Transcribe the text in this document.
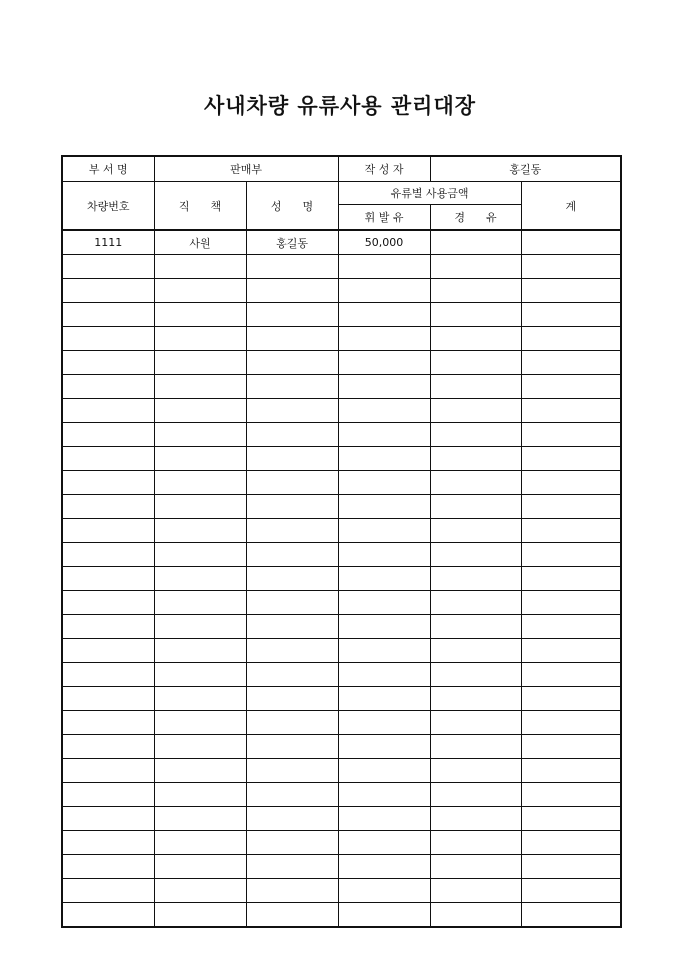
사내차량 유류사용 관리대장
부 서 명	판매부		작 성 자	홍길동	
차량번호	직      책	성      명	유류별 사용금액		계
			휘 발 유	경      유	
1111	사원	홍길동	50,000		
